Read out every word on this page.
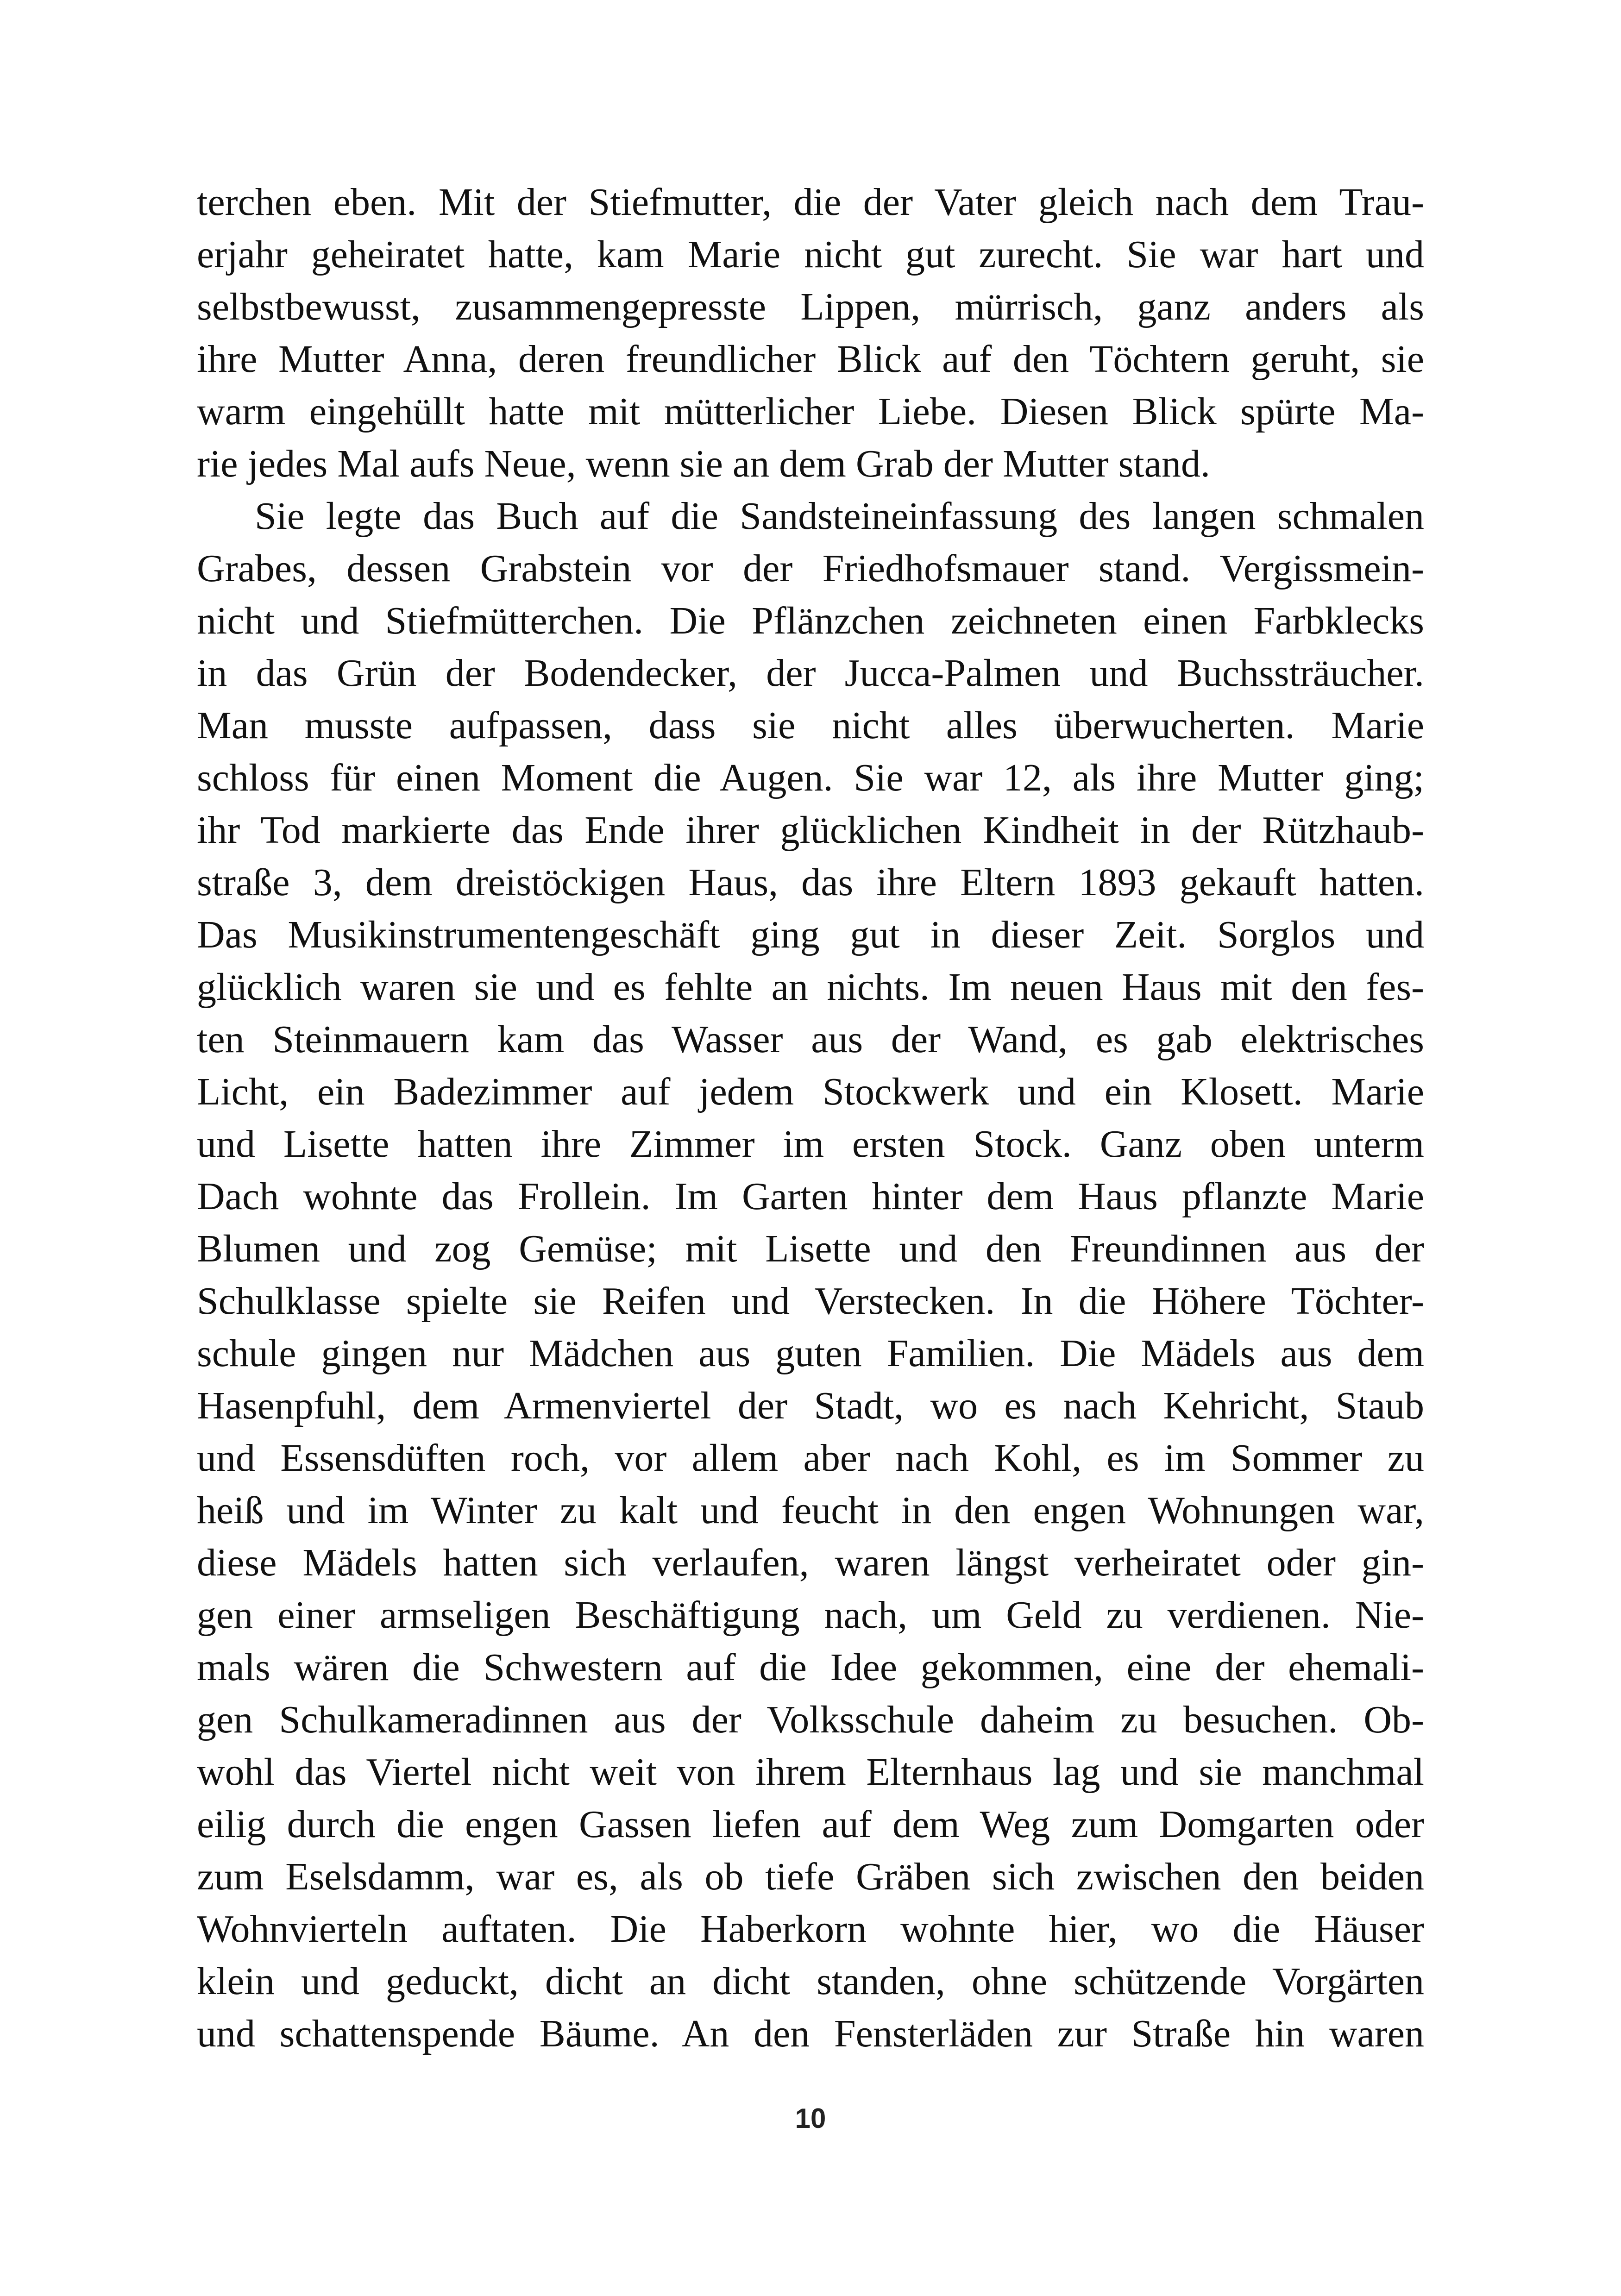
terchen eben. Mit der Stiefmutter, die der Vater gleich nach dem Trau-
erjahr geheiratet hatte, kam Marie nicht gut zurecht. Sie war hart und
selbstbewusst, zusammengepresste Lippen, mürrisch, ganz anders als
ihre Mutter Anna, deren freundlicher Blick auf den Töchtern geruht, sie
warm eingehüllt hatte mit mütterlicher Liebe. Diesen Blick spürte Ma-
rie jedes Mal aufs Neue, wenn sie an dem Grab der Mutter stand.
Sie legte das Buch auf die Sandsteineinfassung des langen schmalen
Grabes, dessen Grabstein vor der Friedhofsmauer stand. Vergissmein-
nicht und Stiefmütterchen. Die Pflänzchen zeichneten einen Farbklecks
in das Grün der Bodendecker, der Jucca-Palmen und Buchssträucher.
Man musste aufpassen, dass sie nicht alles überwucherten. Marie
schloss für einen Moment die Augen. Sie war 12, als ihre Mutter ging;
ihr Tod markierte das Ende ihrer glücklichen Kindheit in der Rützhaub-
straße 3, dem dreistöckigen Haus, das ihre Eltern 1893 gekauft hatten.
Das Musikinstrumentengeschäft ging gut in dieser Zeit. Sorglos und
glücklich waren sie und es fehlte an nichts. Im neuen Haus mit den fes-
ten Steinmauern kam das Wasser aus der Wand, es gab elektrisches
Licht, ein Badezimmer auf jedem Stockwerk und ein Klosett. Marie
und Lisette hatten ihre Zimmer im ersten Stock. Ganz oben unterm
Dach wohnte das Frollein. Im Garten hinter dem Haus pflanzte Marie
Blumen und zog Gemüse; mit Lisette und den Freundinnen aus der
Schulklasse spielte sie Reifen und Verstecken. In die Höhere Töchter-
schule gingen nur Mädchen aus guten Familien. Die Mädels aus dem
Hasenpfuhl, dem Armenviertel der Stadt, wo es nach Kehricht, Staub
und Essensdüften roch, vor allem aber nach Kohl, es im Sommer zu
heiß und im Winter zu kalt und feucht in den engen Wohnungen war,
diese Mädels hatten sich verlaufen, waren längst verheiratet oder gin-
gen einer armseligen Beschäftigung nach, um Geld zu verdienen. Nie-
mals wären die Schwestern auf die Idee gekommen, eine der ehemali-
gen Schulkameradinnen aus der Volksschule daheim zu besuchen. Ob-
wohl das Viertel nicht weit von ihrem Elternhaus lag und sie manchmal
eilig durch die engen Gassen liefen auf dem Weg zum Domgarten oder
zum Eselsdamm, war es, als ob tiefe Gräben sich zwischen den beiden
Wohnvierteln auftaten. Die Haberkorn wohnte hier, wo die Häuser
klein und geduckt, dicht an dicht standen, ohne schützende Vorgärten
und schattenspende Bäume. An den Fensterläden zur Straße hin waren
10
